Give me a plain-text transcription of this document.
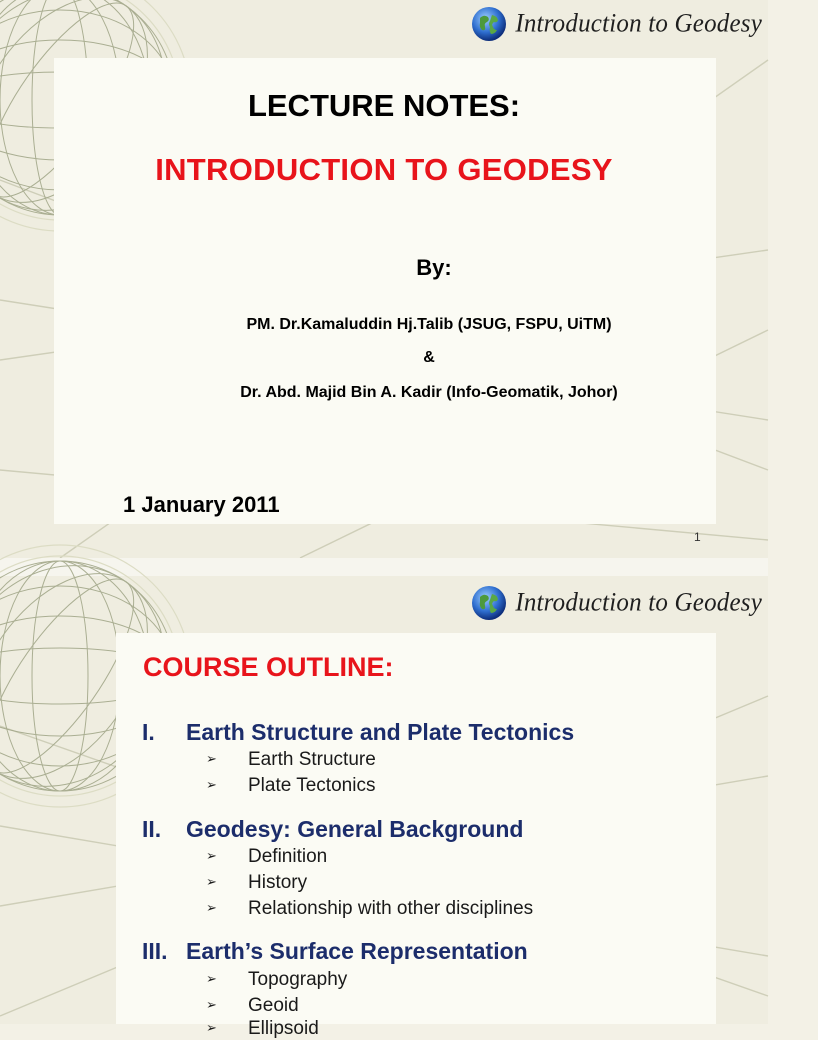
Introduction to Geodesy
LECTURE NOTES:
INTRODUCTION TO GEODESY
By:
PM. Dr.Kamaluddin Hj.Talib (JSUG, FSPU, UiTM)
&
Dr. Abd. Majid Bin A. Kadir (Info-Geomatik, Johor)
1 January 2011
1
Introduction to Geodesy
COURSE OUTLINE:
I. Earth Structure and Plate Tectonics
➢ Earth Structure
➢ Plate Tectonics
II. Geodesy: General Background
➢ Definition
➢ History
➢ Relationship with other disciplines
III. Earth’s Surface Representation
➢ Topography
➢ Geoid
➢ Ellipsoid
